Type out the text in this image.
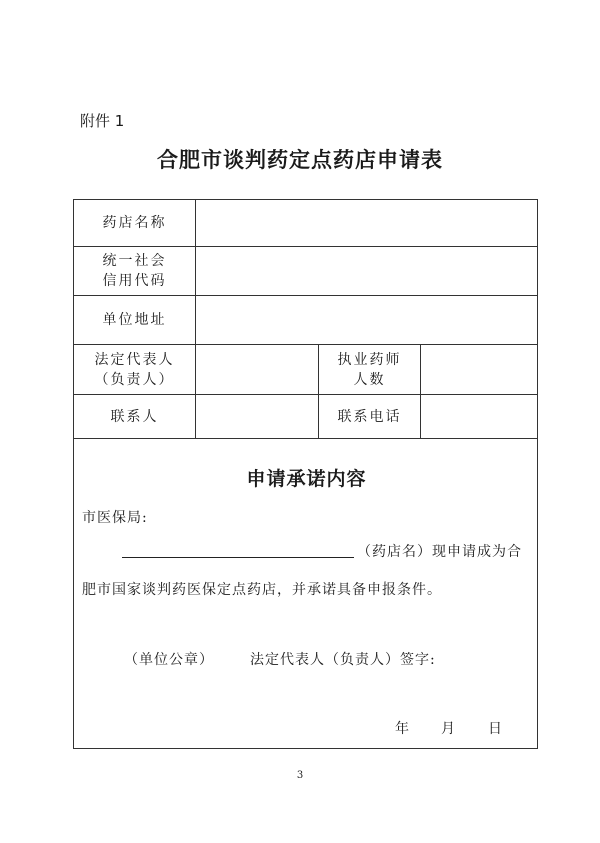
附件 1
合肥市谈判药定点药店申请表
药店名称
统一社会
信用代码
单位地址
法定代表人
（负责人）
执业药师
人数
联系人	联系电话
申请承诺内容
市医保局:
（药店名）现申请成为合
肥市国家谈判药医保定点药店，并承诺具备申报条件。
（单位公章）	法定代表人（负责人）签字:
年 月 日
3
